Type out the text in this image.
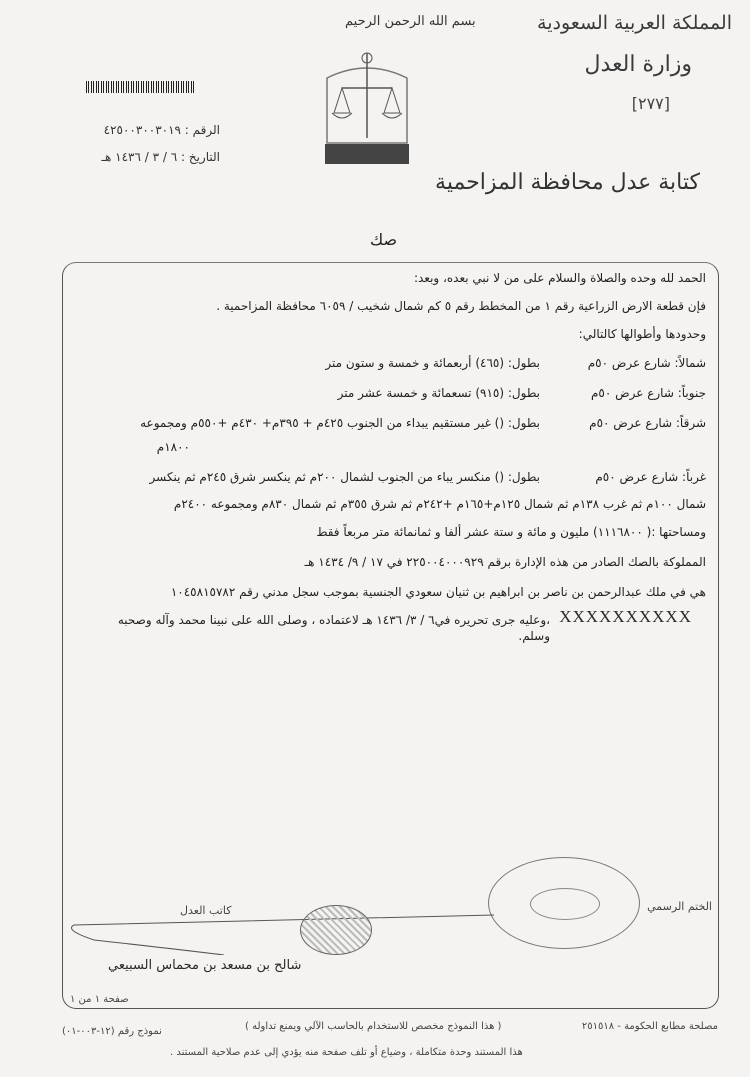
المملكة العربية السعودية
وزارة العدل
[٢٧٧]
بسم الله الرحمن الرحيم
الرقم : ٤٢٥٠٠٣٠٠٣٠١٩
التاريخ : ٦ / ٣ / ١٤٣٦ هـ
كتابة عدل محافظة المزاحمية
صك
الحمد لله وحده والصلاة والسلام على من لا نبي بعده، وبعد:
فإن قطعة الارض الزراعية رقم ١ من المخطط رقم ٥ كم شمال شخيب / ٦٠٥٩ محافظة المزاحمية .
وحدودها وأطوالها كالتالي:
شمالاً: شارع عرض ٥٠م
بطول: (٤٦٥) أربعمائة و خمسة و ستون متر
جنوباً: شارع عرض ٥٠م
بطول: (٩١٥) تسعمائة و خمسة عشر متر
شرقاً: شارع عرض ٥٠م
بطول: () غير مستقيم يبداء من الجنوب ٤٢٥م + ٣٩٥م+ ٤٣٠م +٥٥٠م ومجموعه
١٨٠٠م
غرباً: شارع عرض ٥٠م
بطول: () منكسر يباء من الجنوب لشمال ٢٠٠م ثم ينكسر شرق ٢٤٥م ثم ينكسر
شمال ١٠٠م ثم غرب ١٣٨م ثم شمال ١٢٥م+١٦٥م +٢٤٢م ثم شرق ٣٥٥م ثم شمال ٨٣٠م ومجموعه ٢٤٠٠م
ومساحتها :( ١١١٦٨٠٠) مليون و مائة و ستة عشر ألفا و ثمانمائة متر مربعاً فقط
المملوكة بالصك الصادر من هذه الإدارة برقم ٢٢٥٠٠٤٠٠٠٩٢٩ في ١٧ / ٩/ ١٤٣٤ هـ
هي في ملك عبدالرحمن بن ناصر بن ابراهيم بن ثنيان سعودي الجنسية بموجب سجل مدني رقم ١٠٤٥٨١٥٧٨٢
XXXXXXXXXX
،وعليه جرى تحريره في٦ / ٣/ ١٤٣٦ هـ لاعتماده ، وصلى الله على نبينا محمد وآله وصحبه وسلم.
الختم الرسمي
كاتب العدل
شالح بن مسعد بن محماس السبيعي
صفحة ١ من ١
مصلحة مطابع الحكومة - ٢٥١٥١٨
( هذا النموذج مخصص للاستخدام بالحاسب الآلي ويمنع تداوله )
نموذج رقم (١٢-٠٠٣-٠١)
هذا المستند وحدة متكاملة ، وضياع أو تلف صفحة منه يؤدي إلى عدم صلاحية المستند .
